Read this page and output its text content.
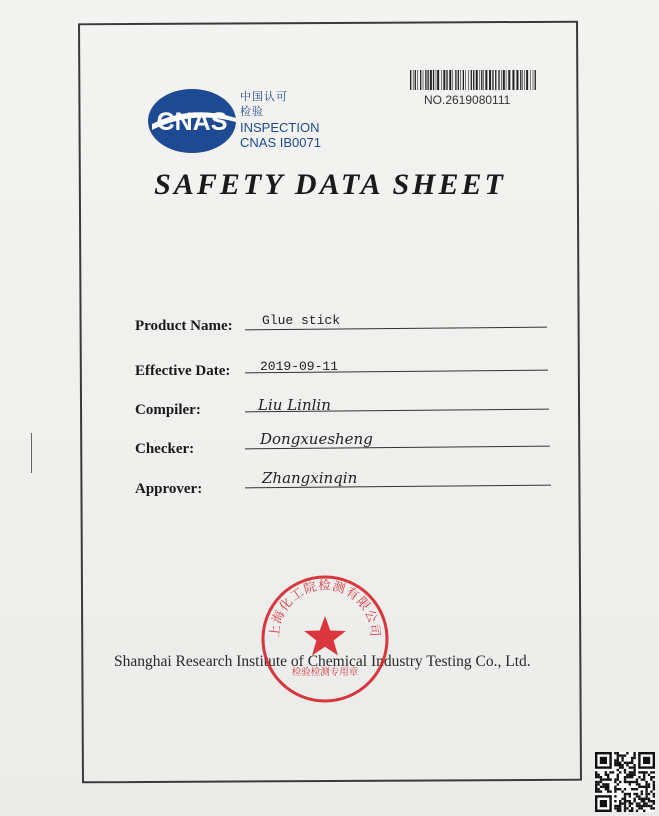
CNAS
中国认可
检验
INSPECTION
CNAS IB0071
NO.2619080111
SAFETY DATA SHEET
Product Name: Glue stick
Effective Date: 2019-09-11
Compiler:	Liu Linlin
Checker:
Dongxuesheng
Approver:
Zhangxinqin
Shanghai Research Institute of Chemical Industry Testing Co., Ltd.
上海化工院检测有限公司
检验检测专用章
